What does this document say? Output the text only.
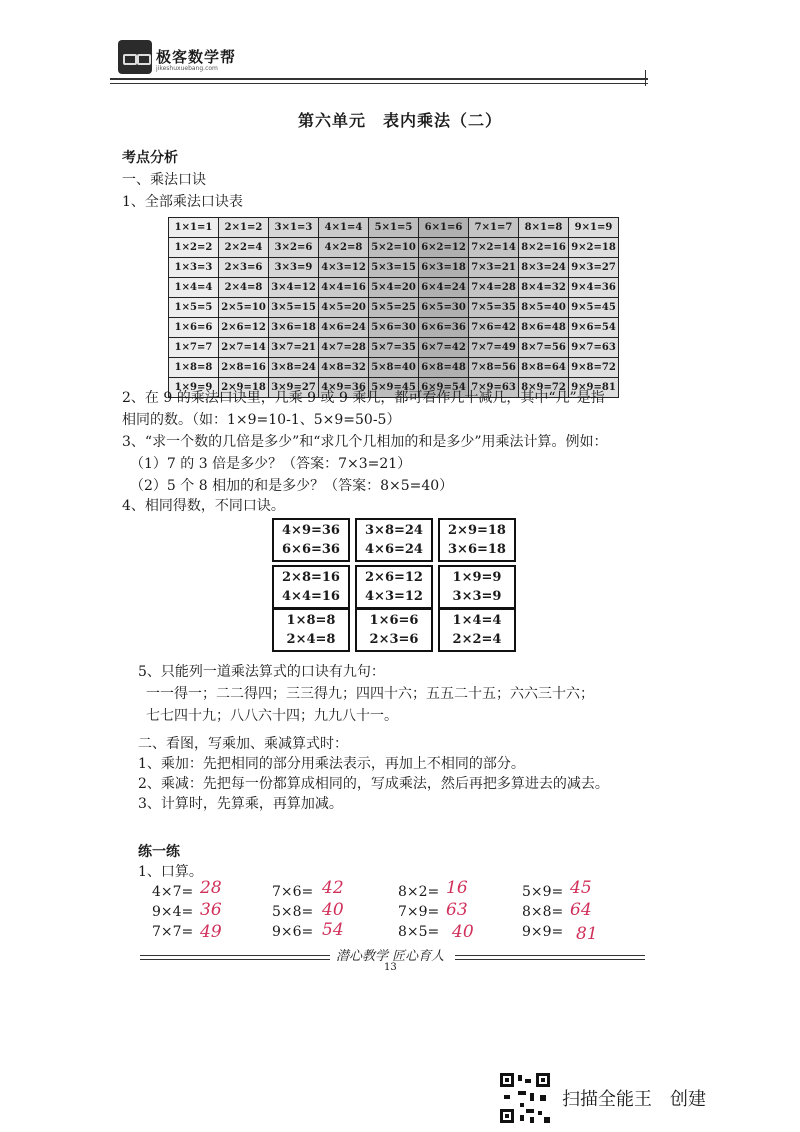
极客数学帮
jikeshuxuebang.com
第六单元　表内乘法（二）
考点分析
一、乘法口诀
1、全部乘法口诀表
1×1=1	2×1=2	3×1=3	4×1=4	5×1=5	6×1=6	7×1=7	8×1=8	9×1=9
1×2=2	2×2=4	3×2=6	4×2=8	5×2=10	6×2=12	7×2=14	8×2=16	9×2=18
1×3=3	2×3=6	3×3=9	4×3=12	5×3=15	6×3=18	7×3=21	8×3=24	9×3=27
1×4=4	2×4=8	3×4=12	4×4=16	5×4=20	6×4=24	7×4=28	8×4=32	9×4=36
1×5=5	2×5=10	3×5=15	4×5=20	5×5=25	6×5=30	7×5=35	8×5=40	9×5=45
1×6=6	2×6=12	3×6=18	4×6=24	5×6=30	6×6=36	7×6=42	8×6=48	9×6=54
1×7=7	2×7=14	3×7=21	4×7=28	5×7=35	6×7=42	7×7=49	8×7=56	9×7=63
1×8=8	2×8=16	3×8=24	4×8=32	5×8=40	6×8=48	7×8=56	8×8=64	9×8=72
1×9=9	2×9=18	3×9=27	4×9=36	5×9=45	6×9=54	7×9=63	8×9=72	9×9=81
2、在 9 的乘法口诀里，几乘 9 或 9 乘几，都可看作几十减几，其中“几”是指
相同的数。（如：1×9=10-1、5×9=50-5）
3、“求一个数的几倍是多少”和“求几个几相加的和是多少”用乘法计算。例如：
（1）7 的 3 倍是多少？（答案：7×3=21）
（2）5 个 8 相加的和是多少？（答案：8×5=40）
4、相同得数，不同口诀。
4×9=36
6×6=36
3×8=24
4×6=24
2×9=18
3×6=18
2×8=16
4×4=16
2×6=12
4×3=12
1×9=9
3×3=9
1×8=8
2×4=8
1×6=6
2×3=6
1×4=4
2×2=4
5、只能列一道乘法算式的口诀有九句：
一一得一；二二得四；三三得九；四四十六；五五二十五；六六三十六；
七七四十九；八八六十四；九九八十一。
二、看图，写乘加、乘减算式时：
1、乘加：先把相同的部分用乘法表示，再加上不相同的部分。
2、乘减：先把每一份都算成相同的，写成乘法，然后再把多算进去的减去。
3、计算时，先算乘，再算加减。
练一练
1、口算。
4×7= 28	7×6= 42	8×2= 16	5×9= 45
9×4= 36	5×8= 40	7×9= 63	8×8= 64
7×7= 49	9×6= 54	8×5= 40	9×9= 81
潜心教学 匠心育人
13
扫描全能王　创建
